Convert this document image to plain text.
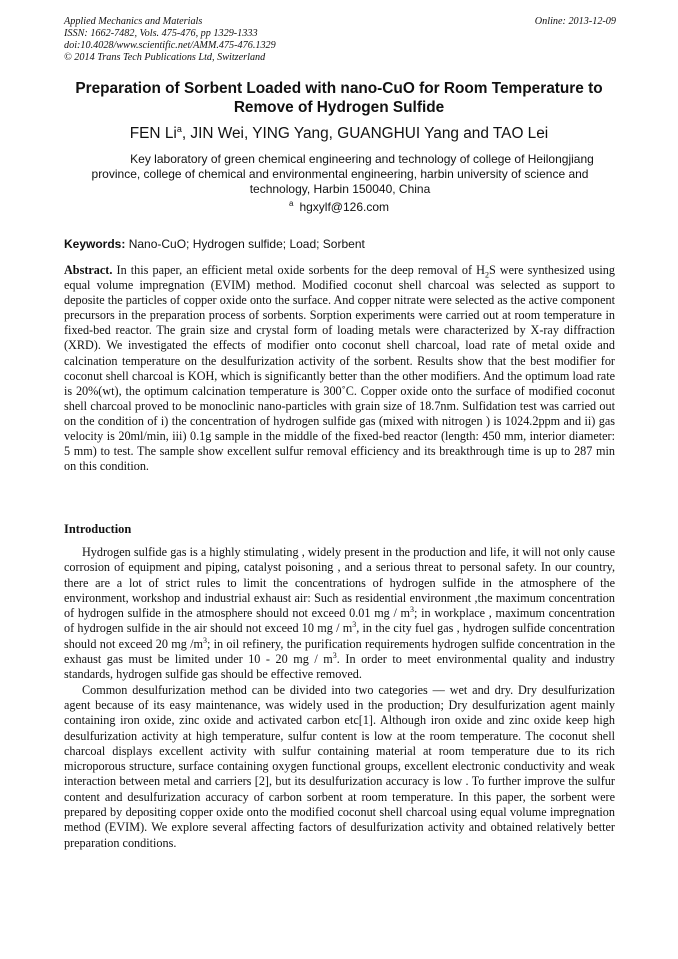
Applied Mechanics and Materials
ISSN: 1662-7482, Vols. 475-476, pp 1329-1333
doi:10.4028/www.scientific.net/AMM.475-476.1329
© 2014 Trans Tech Publications Ltd, Switzerland
Online: 2013-12-09
Preparation of Sorbent Loaded with nano-CuO for Room Temperature to Remove of Hydrogen Sulfide
FEN Li$^a$, JIN Wei, YING Yang, GUANGHUI Yang and TAO Lei
Key laboratory of green chemical engineering and technology of college of Heilongjiang province, college of chemical and environmental engineering, harbin university of science and technology, Harbin 150040, China
$^a$ hgxylf@126.com
Keywords: Nano-CuO; Hydrogen sulfide; Load; Sorbent

Abstract. In this paper, an efficient metal oxide sorbents for the deep removal of $H_2S$ were synthesized using equal volume impregnation (EVIM) method. Modified coconut shell charcoal was selected as support to deposite the particles of copper oxide onto the surface. And copper nitrate were selected as the active component precursors in the preparation process of sorbents. Sorption experiments were carried out at room temperature in fixed-bed reactor. The grain size and crystal form of loading metals were characterized by X-ray diffraction (XRD). We investigated the effects of modifier onto coconut shell charcoal, load rate of metal oxide and calcination temperature on the desulfurization activity of the sorbent. Results show that the best modifier for coconut shell charcoal is KOH, which is significantly better than the other modifiers. And the optimum load rate is 20%(wt), the optimum calcination temperature is 300˚C. Copper oxide onto the surface of modified coconut shell charcoal proved to be monoclinic nano-particles with grain size of 18.7nm. Sulfidation test was carried out on the condition of i) the concentration of hydrogen sulfide gas (mixed with nitrogen ) is 1024.2ppm and ii) gas velocity is 20ml/min, iii) 0.1g sample in the middle of the fixed-bed reactor (length: 450 mm, interior diameter: 5 mm) to test. The sample show excellent sulfur removal efficiency and its breakthrough time is up to 287 min on this condition.

Introduction

Hydrogen sulfide gas is a highly stimulating , widely present in the production and life, it will not only cause corrosion of equipment and piping, catalyst poisoning , and a serious threat to personal safety. In our country, there are a lot of strict rules to limit the concentrations of hydrogen sulfide in the atmosphere of the environment, workshop and industrial exhaust air: Such as residential environment ,the maximum concentration of hydrogen sulfide in the atmosphere should not exceed 0.01 mg / $m^3$; in workplace , maximum concentration of hydrogen sulfide in the air should not exceed 10 mg / $m^3$, in the city fuel gas , hydrogen sulfide concentration should not exceed 20 mg $/m^3$; in oil refinery, the purification requirements hydrogen sulfide concentration in the exhaust gas must be limited under 10 - 20 mg / $m^3$. In order to meet environmental quality and industry standards, hydrogen sulfide gas should be effective removed.

Common desulfurization method can be divided into two categories — wet and dry. Dry desulfurization agent because of its easy maintenance, was widely used in the production; Dry desulfurization agent mainly containing iron oxide, zinc oxide and activated carbon etc[1]. Although iron oxide and zinc oxide keep high desulfurization activity at high temperature, sulfur content is low at the room temperature. The coconut shell charcoal displays excellent activity with sulfur containing material at room temperature due to its rich microporous structure, surface containing oxygen functional groups, excellent electronic conductivity and weak interaction between metal and carriers [2], but its desulfurization accuracy is low . To further improve the sulfur content and desulfurization accuracy of carbon sorbent at room temperature. In this paper, the sorbent were prepared by depositing copper oxide onto the modified coconut shell charcoal using equal volume impregnation method (EVIM). We explore several affecting factors of desulfurization activity and obtained relatively better preparation conditions.
